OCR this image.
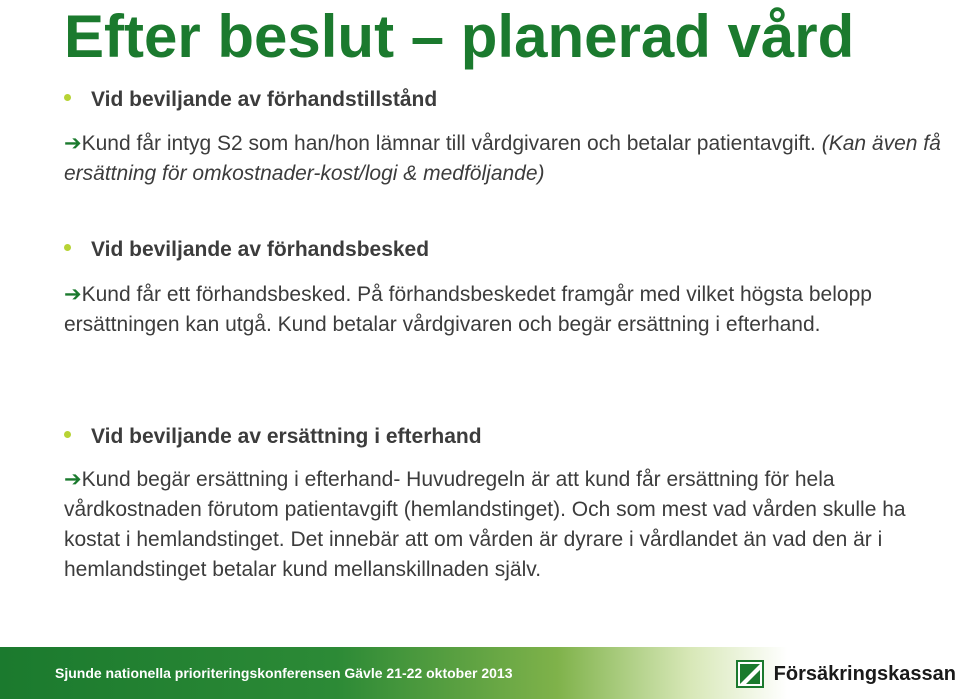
Efter beslut – planerad vård
Vid beviljande av förhandstillstånd
➔Kund får intyg S2 som han/hon lämnar till vårdgivaren och betalar patientavgift. (Kan även få ersättning för omkostnader-kost/logi & medföljande)
Vid beviljande av förhandsbesked
➔Kund får ett förhandsbesked. På förhandsbeskedet framgår med vilket högsta belopp ersättningen kan utgå. Kund betalar vårdgivaren och begär ersättning i efterhand.
Vid beviljande av ersättning i efterhand
➔Kund begär ersättning i efterhand- Huvudregeln är att kund får ersättning för hela vårdkostnaden förutom patientavgift (hemlandstinget). Och som mest vad vården skulle ha kostat i hemlandstinget. Det innebär att om vården är dyrare i vårdlandet än vad den är i hemlandstinget betalar kund mellanskillnaden själv.
Sjunde nationella prioriteringskonferensen Gävle 21-22 oktober 2013	Försäkringskassan
